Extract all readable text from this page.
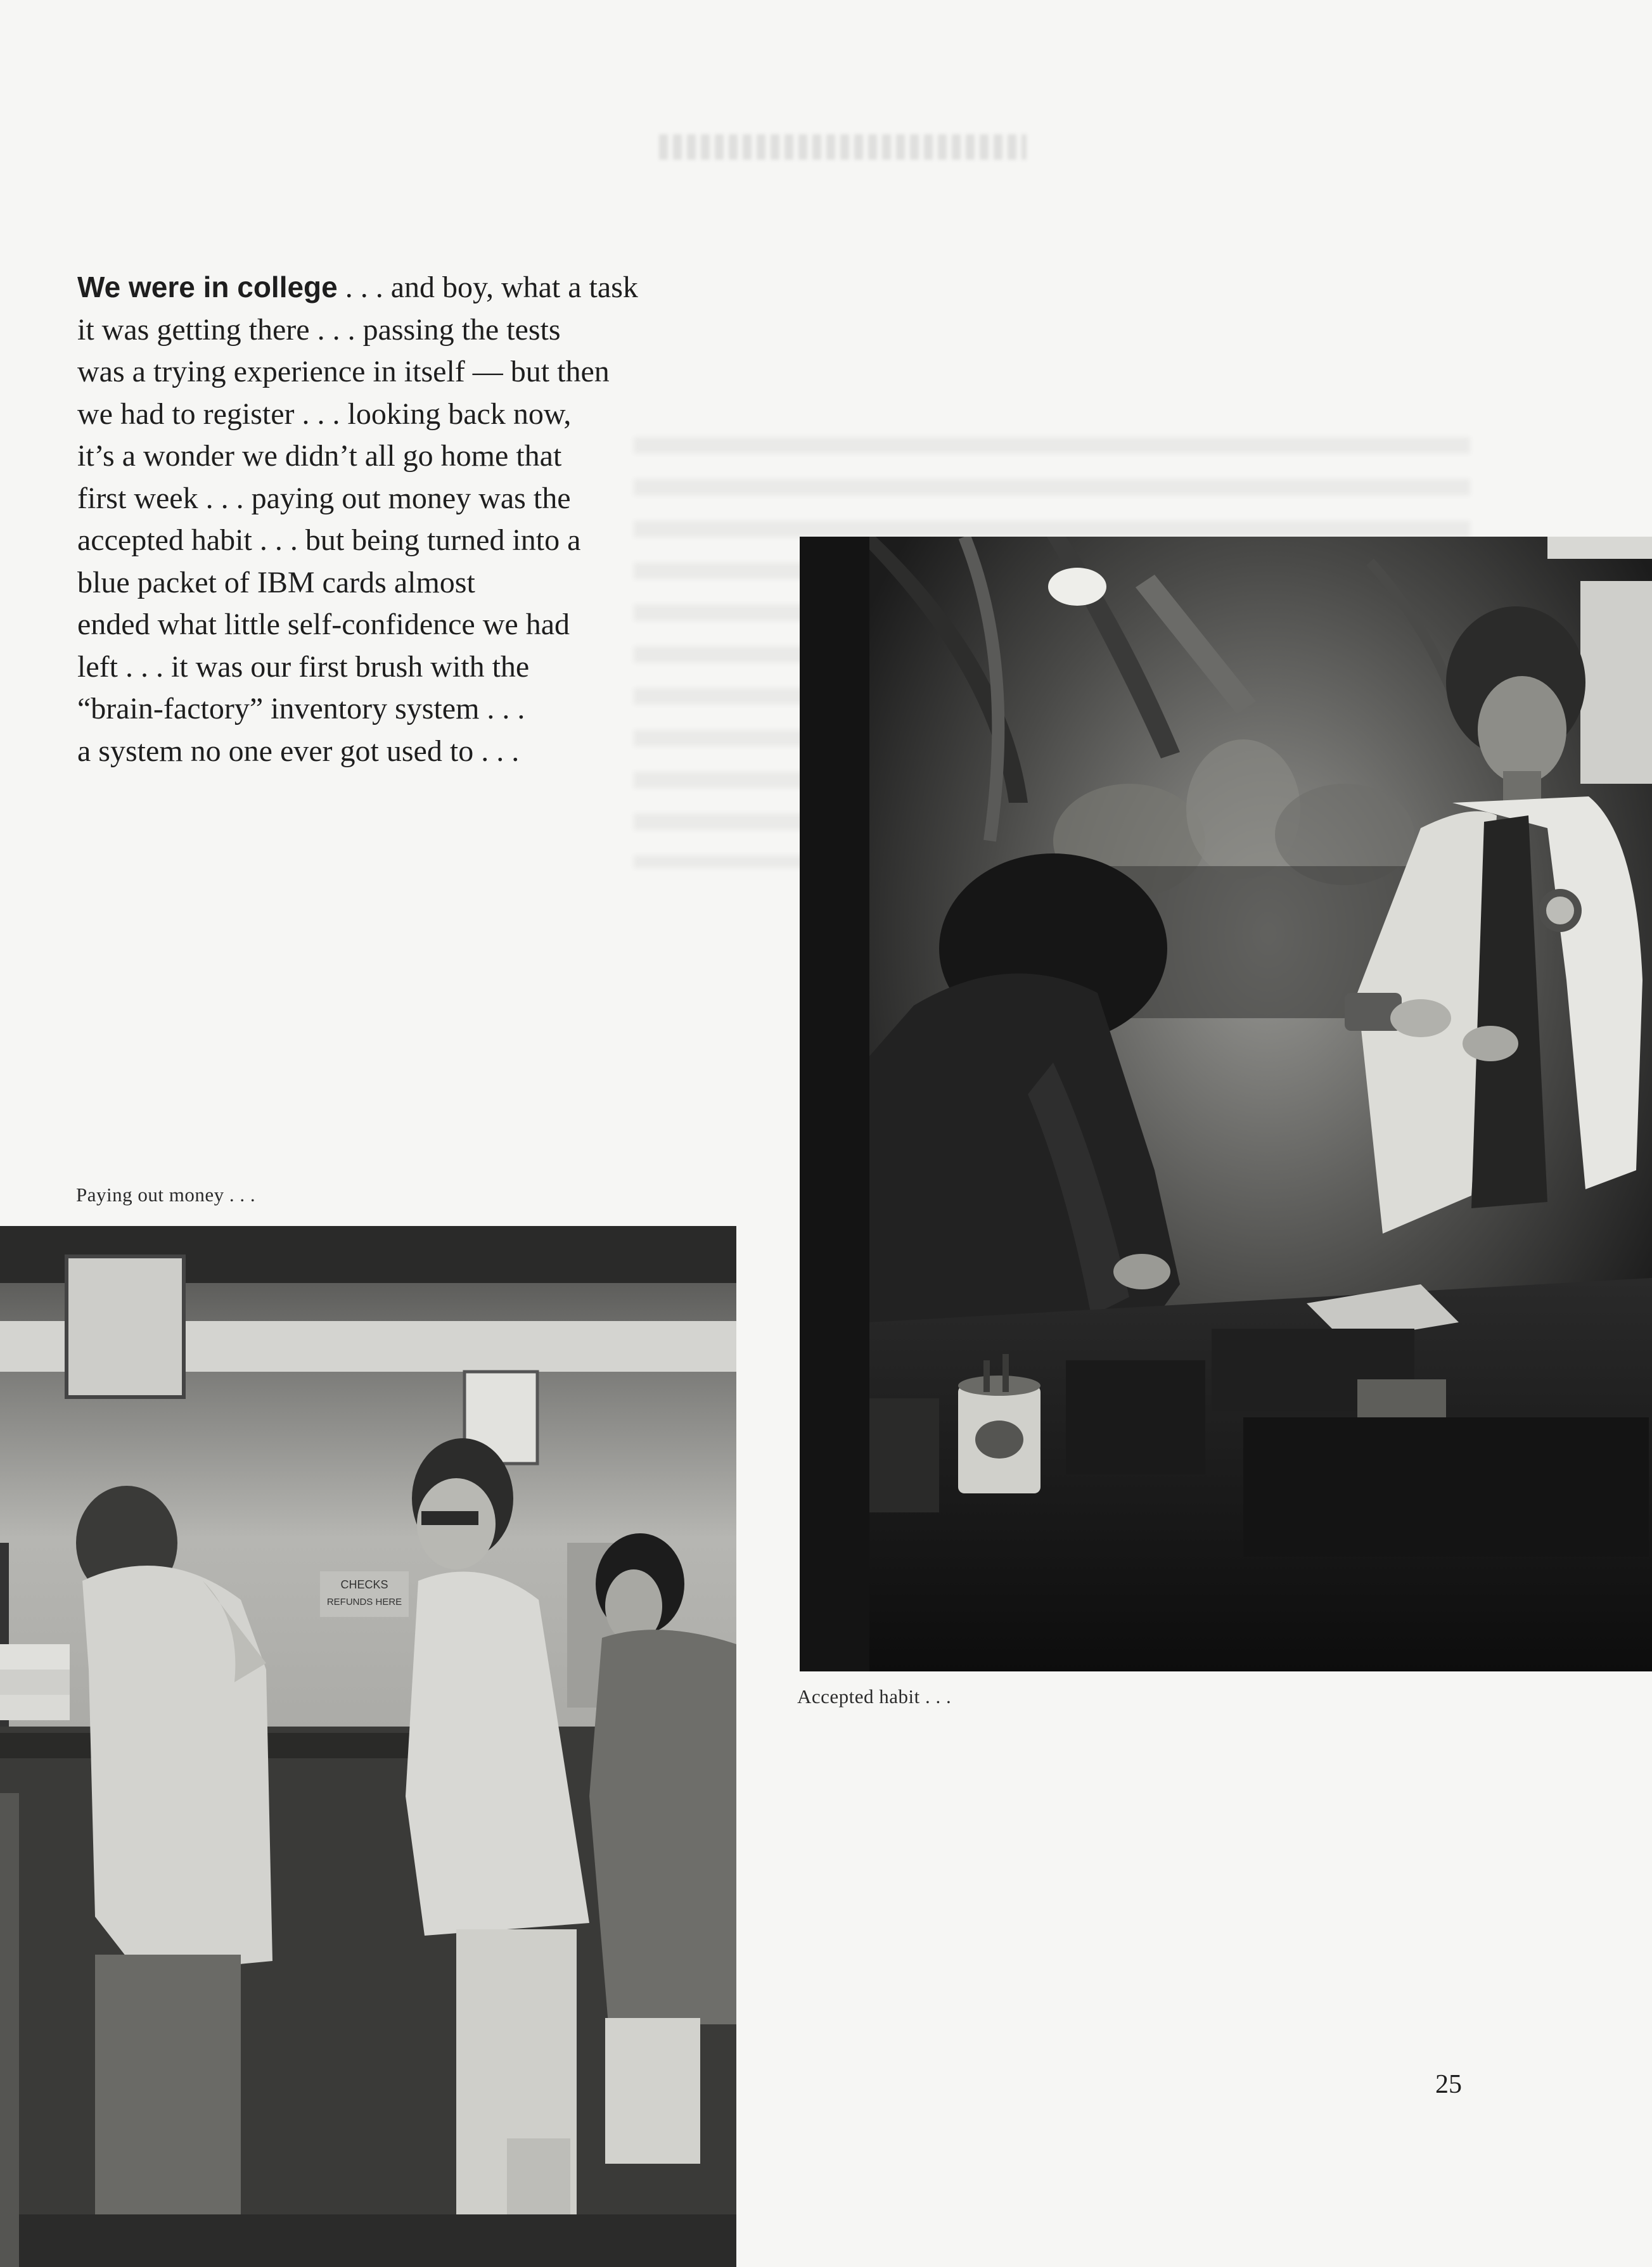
We were in college . . . and boy, what a task
it was getting there . . . passing the tests
was a trying experience in itself — but then
we had to register . . . looking back now,
it’s a wonder we didn’t all go home that
first week . . . paying out money was the
accepted habit . . . but being turned into a
blue packet of IBM cards almost
ended what little self-confidence we had
left . . . it was our first brush with the
“brain-factory” inventory system . . .
a system no one ever got used to . . .
CHECKS
REFUNDS HERE
Paying out money . . .
Accepted habit . . .
25
